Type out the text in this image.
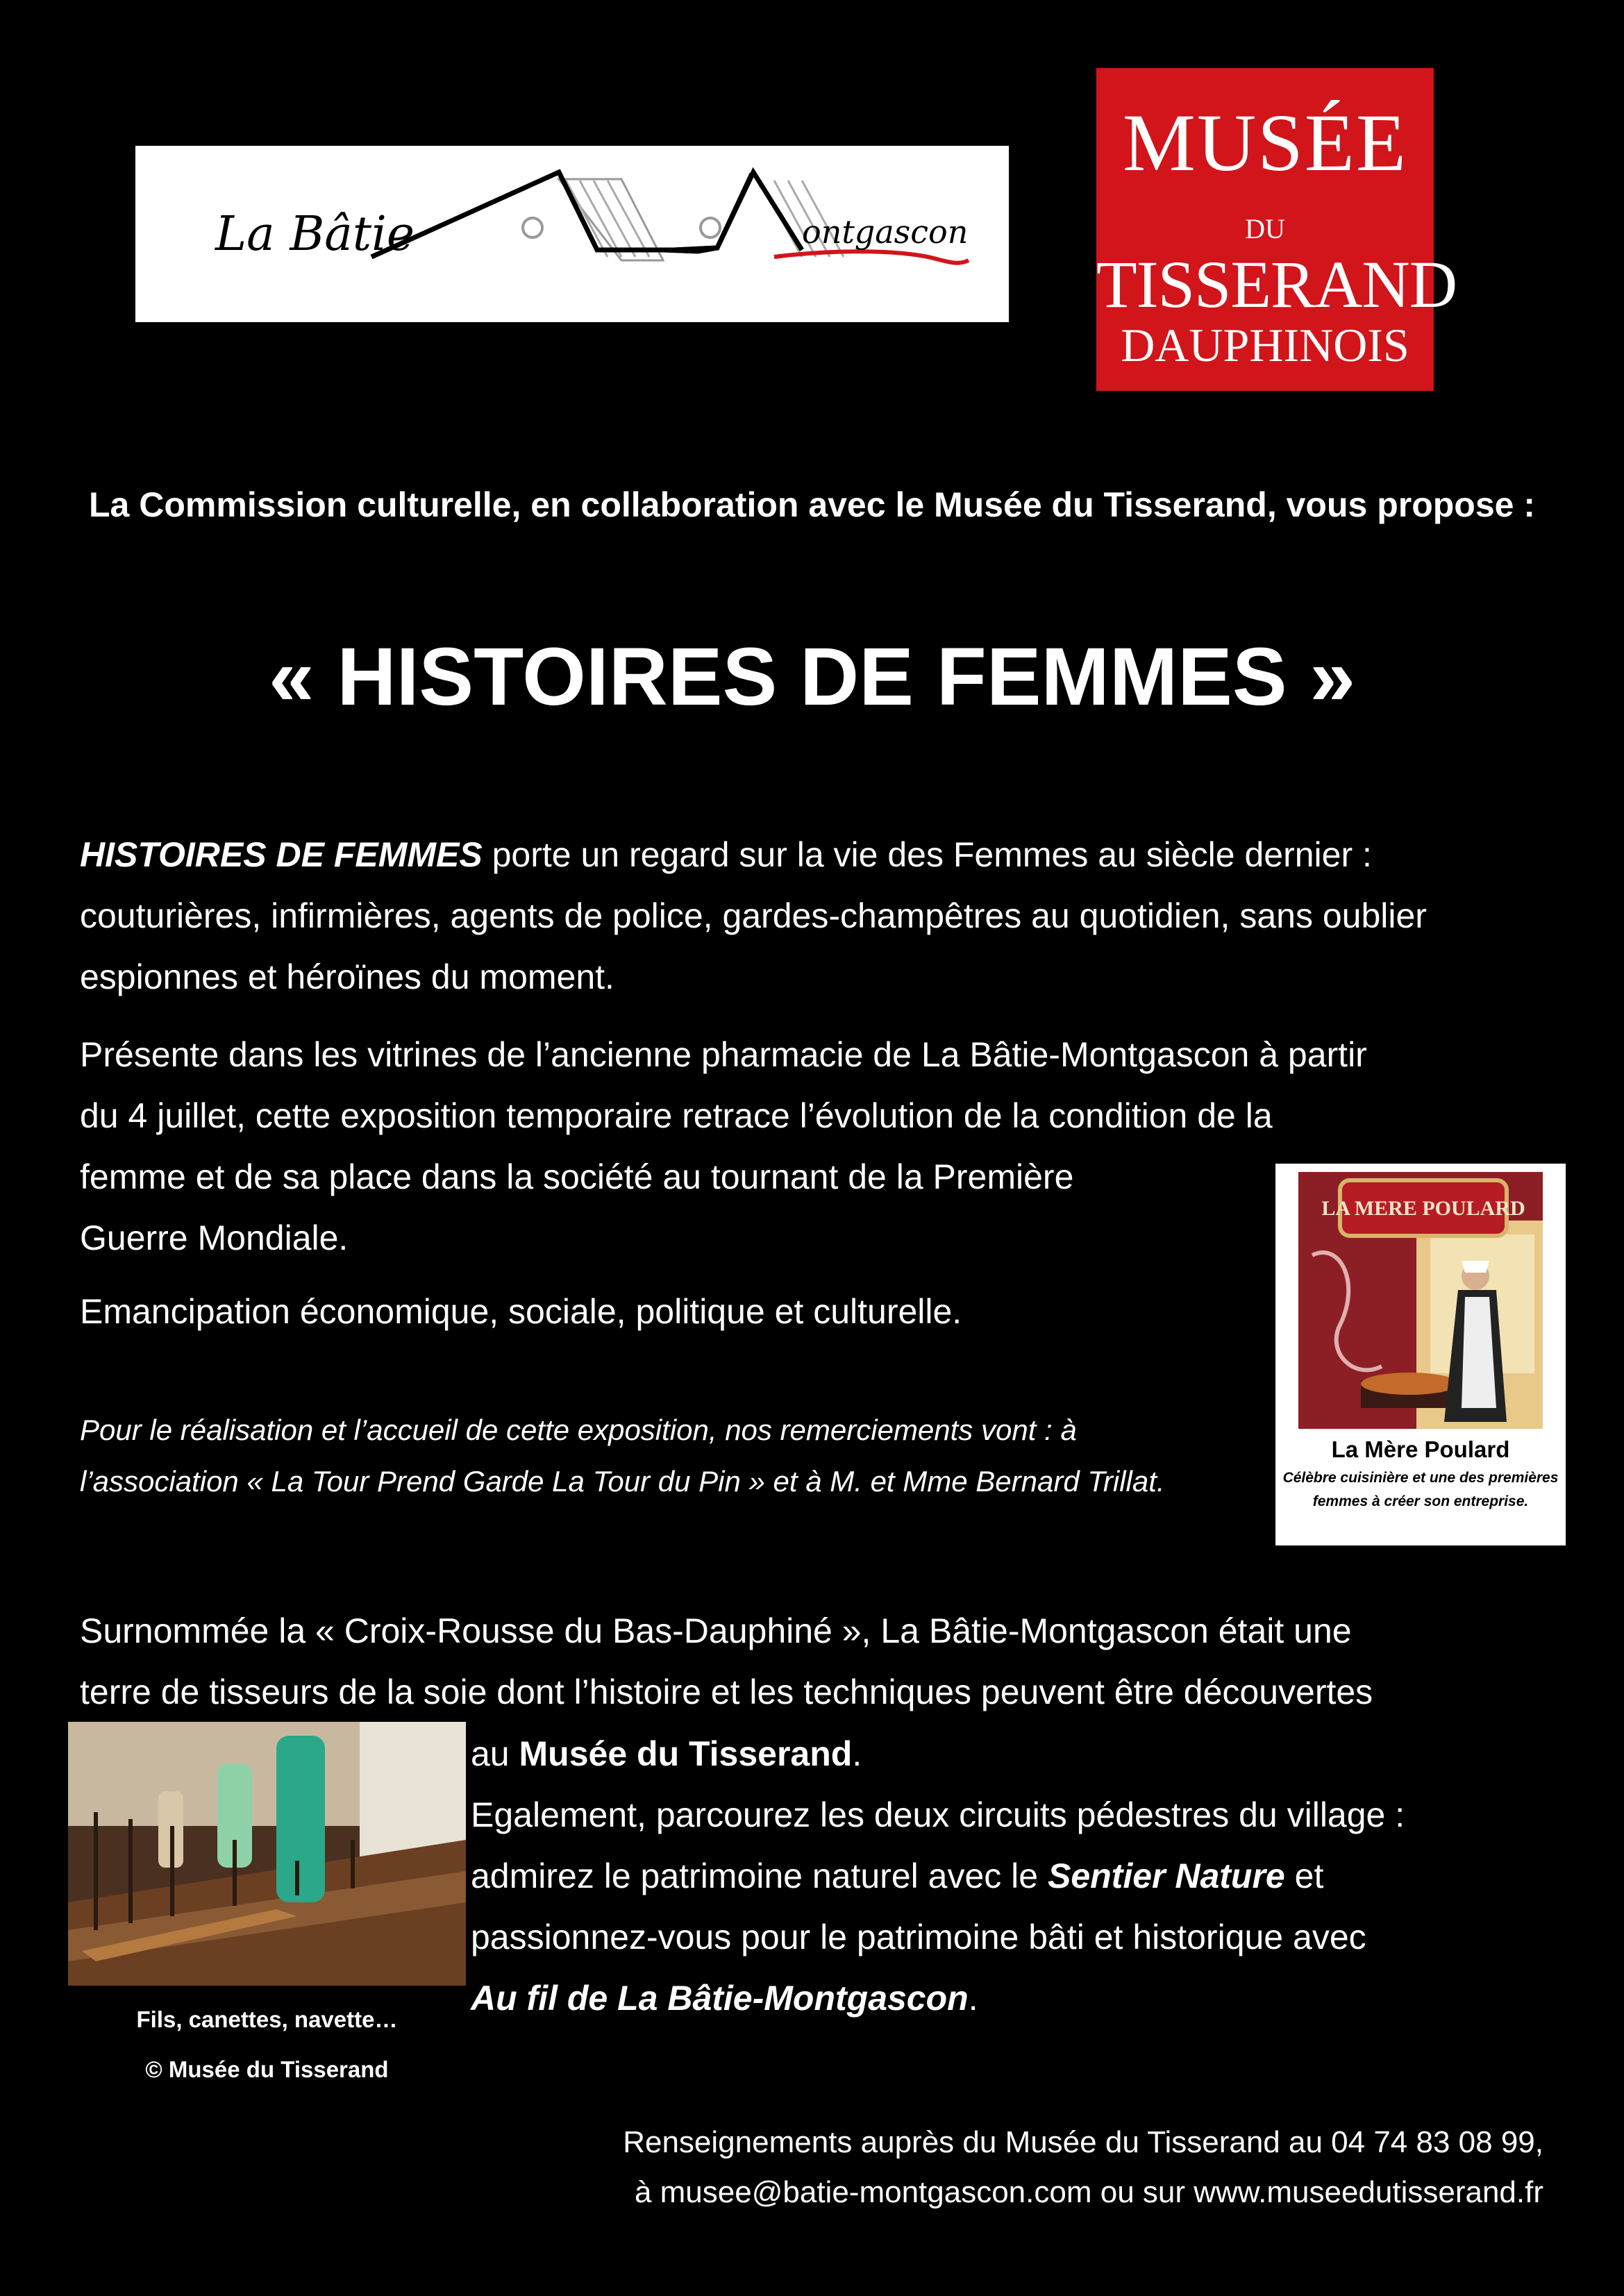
La Bâtie	ontgascon
MUSÉE
DU
TISSERAND
DAUPHINOIS
La Commission culturelle, en collaboration avec le Musée du Tisserand, vous propose :
« HISTOIRES DE FEMMES »
HISTOIRES DE FEMMES porte un regard sur la vie des Femmes au siècle dernier : couturières, infirmières, agents de police, gardes-champêtres au quotidien, sans oublier espionnes et héroïnes du moment.
Présente dans les vitrines de l’ancienne pharmacie de La Bâtie-Montgascon à partir
du 4 juillet, cette exposition temporaire retrace l’évolution de la condition de la
femme et de sa place dans la société au tournant de la Première
Guerre Mondiale.
Emancipation économique, sociale, politique et culturelle.
Pour le réalisation et l’accueil de cette exposition, nos remerciements vont : à
l’association « La Tour Prend Garde La Tour du Pin » et à M. et Mme Bernard Trillat.
LA MERE POULARD
La Mère Poulard
Célèbre cuisinière et une des premières
femmes à créer son entreprise.
Surnommée la « Croix-Rousse du Bas-Dauphiné », La Bâtie-Montgascon était une
terre de tisseurs de la soie dont l’histoire et les techniques peuvent être découvertes
Fils, canettes, navette…
© Musée du Tisserand
au Musée du Tisserand.
Egalement, parcourez les deux circuits pédestres du village :
admirez le patrimoine naturel avec le Sentier Nature et
passionnez-vous pour le patrimoine bâti et historique avec
Au fil de La Bâtie-Montgascon.
Renseignements auprès du Musée du Tisserand au 04 74 83 08 99,
à musee@batie-montgascon.com ou sur www.museedutisserand.fr
